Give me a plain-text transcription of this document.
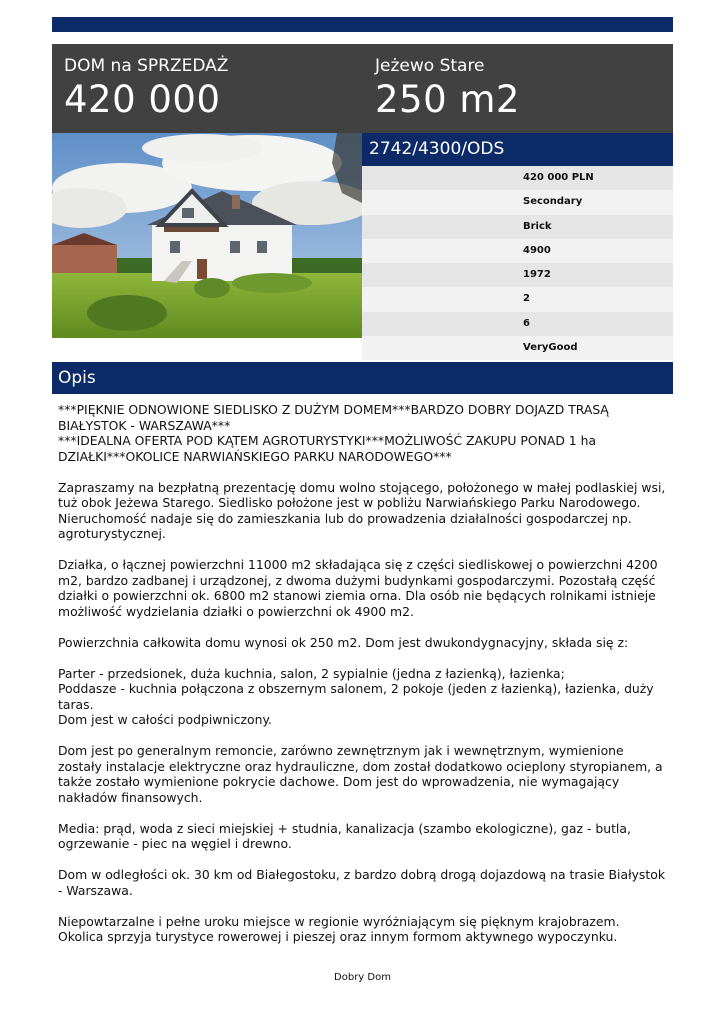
DOM na SPRZEDAŻ
420 000
Jeżewo Stare
250 m2
2742/4300/ODS
420 000 PLN
Secondary
Brick
4900
1972
2
6
VeryGood
Opis

***PIĘKNIE ODNOWIONE SIEDLISKO Z DUŻYM DOMEM***BARDZO DOBRY DOJAZD TRASĄ BIAŁYSTOK - WARSZAWA***
***IDEALNA OFERTA POD KĄTEM AGROTURYSTYKI***MOŻLIWOŚĆ ZAKUPU PONAD 1 ha DZIAŁKI***OKOLICE NARWIAŃSKIEGO PARKU NARODOWEGO***

Zapraszamy na bezpłatną prezentację domu wolno stojącego, położonego w małej podlaskiej wsi, tuż obok Jeżewa Starego. Siedlisko położone jest w pobliżu Narwiańskiego Parku Narodowego. Nieruchomość nadaje się do zamieszkania lub do prowadzenia działalności gospodarczej np. agroturystycznej.

Działka, o łącznej powierzchni 11000 m2 składająca się z części siedliskowej o powierzchni 4200 m2, bardzo zadbanej i urządzonej, z dwoma dużymi budynkami gospodarczymi. Pozostałą część działki o powierzchni ok. 6800 m2 stanowi ziemia orna. Dla osób nie będących rolnikami istnieje możliwość wydzielania działki o powierzchni ok 4900 m2.

Powierzchnia całkowita domu wynosi ok 250 m2. Dom jest dwukondygnacyjny, składa się z:

Parter - przedsionek, duża kuchnia, salon, 2 sypialnie (jedna z łazienką), łazienka;
Poddasze - kuchnia połączona z obszernym salonem, 2 pokoje (jeden z łazienką), łazienka, duży taras.
Dom jest w całości podpiwniczony.

Dom jest po generalnym remoncie, zarówno zewnętrznym jak i wewnętrznym, wymienione zostały instalacje elektryczne oraz hydrauliczne, dom został dodatkowo ocieplony styropianem, a także zostało wymienione pokrycie dachowe. Dom jest do wprowadzenia, nie wymagający nakładów finansowych.

Media: prąd, woda z sieci miejskiej + studnia, kanalizacja (szambo ekologiczne), gaz - butla, ogrzewanie - piec na węgiel i drewno.

Dom w odległości ok. 30 km od Białegostoku, z bardzo dobrą drogą dojazdową na trasie Białystok - Warszawa.

Niepowtarzalne i pełne uroku miejsce w regionie wyróżniającym się pięknym krajobrazem. Okolica sprzyja turystyce rowerowej i pieszej oraz innym formom aktywnego wypoczynku.

Dobry Dom
